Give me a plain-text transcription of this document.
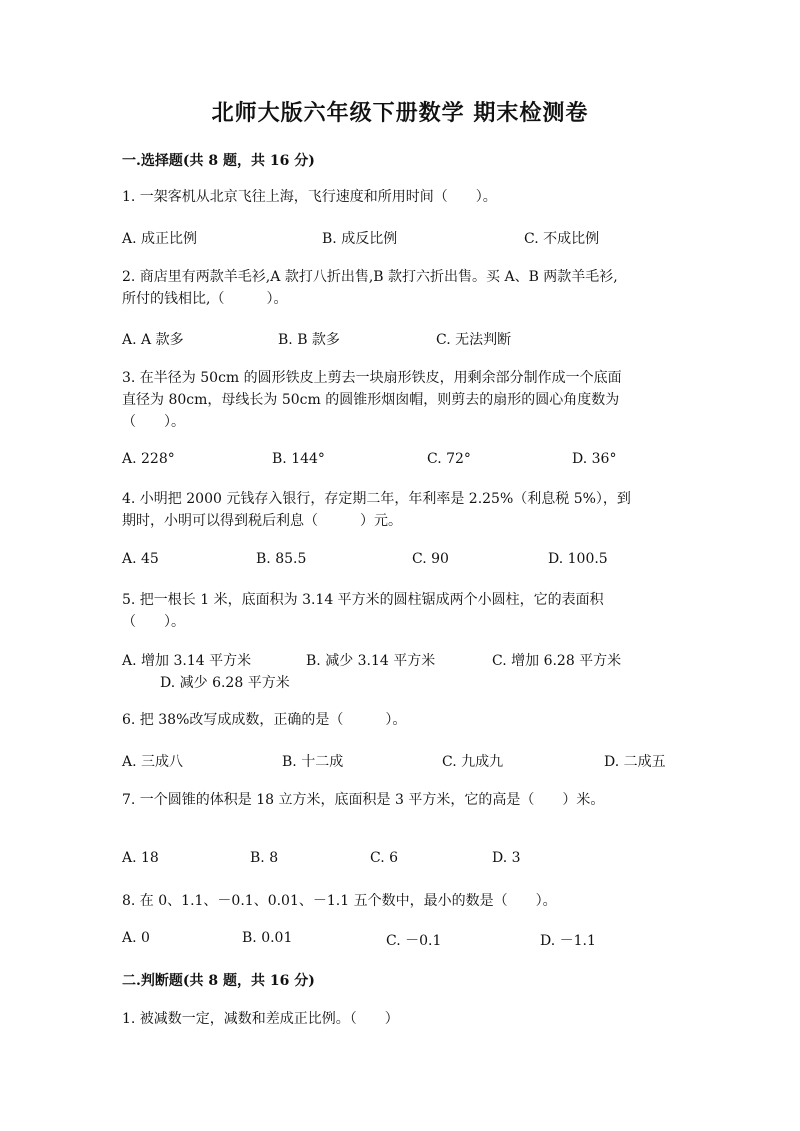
北师大版六年级下册数学 期末检测卷
一.选择题(共 8 题，共 16 分)
1. 一架客机从北京飞往上海，飞行速度和所用时间（　　）。
A. 成正比例	B. 成反比例	C. 不成比例
2. 商店里有两款羊毛衫,A 款打八折出售,B 款打六折出售。买 A、B 两款羊毛衫,
所付的钱相比,（　　　）。
A. A 款多	B. B 款多	C. 无法判断
3. 在半径为 50cm 的圆形铁皮上剪去一块扇形铁皮，用剩余部分制作成一个底面
直径为 80cm，母线长为 50cm 的圆锥形烟囱帽，则剪去的扇形的圆心角度数为
（　　）。
A. 228°	B. 144°	C. 72°	D. 36°
4. 小明把 2000 元钱存入银行，存定期二年，年利率是 2.25%（利息税 5%），到
期时，小明可以得到税后利息（　　　）元。
A. 45	B. 85.5	C. 90	D. 100.5
5. 把一根长 1 米，底面积为 3.14 平方米的圆柱锯成两个小圆柱，它的表面积
（　　）。
A. 增加 3.14 平方米	B. 减少 3.14 平方米	C. 增加 6.28 平方米
D. 减少 6.28 平方米
6. 把 38%改写成成数，正确的是（　　　）。
A. 三成八	B. 十二成	C. 九成九	D. 二成五
7. 一个圆锥的体积是 18 立方米，底面积是 3 平方米，它的高是（　　）米。
A. 18	B. 8	C. 6	D. 3
8. 在 0、1.1、－0.1、0.01、－1.1 五个数中，最小的数是（　　）。
A. 0	B. 0.01	C. －0.1	D. －1.1
二.判断题(共 8 题，共 16 分)
1. 被减数一定，减数和差成正比例。（　　）
